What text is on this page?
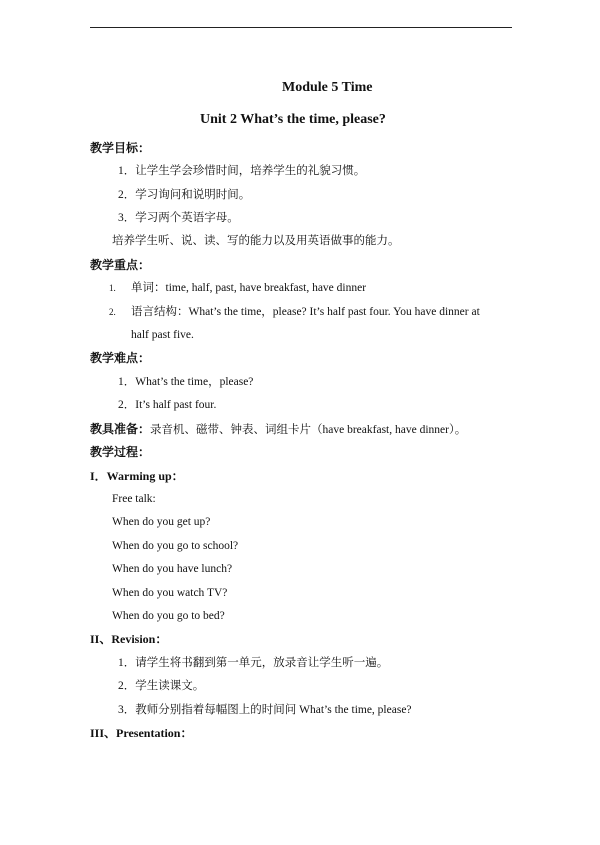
Module 5 Time
Unit 2 What’s the time, please?
教学目标：
1．让学生学会珍惜时间，培养学生的礼貌习惯。
2．学习询问和说明时间。
3．学习两个英语字母。
培养学生听、说、读、写的能力以及用英语做事的能力。
教学重点：
1. 单词：time, half, past, have breakfast, have dinner
2. 语言结构：What’s the time，please? It’s half past four. You have dinner at
half past five.
教学难点：
1．What’s the time，please?
2．It’s half past four.
教具准备：录音机、磁带、钟表、词组卡片（have breakfast, have dinner）。
教学过程：
I．Warming up：
Free talk:
When do you get up?
When do you go to school?
When do you have lunch?
When do you watch TV?
When do you go to bed?
II、Revision：
1．请学生将书翻到第一单元，放录音让学生听一遍。
2．学生读课文。
3．教师分别指着每幅图上的时间问 What’s the time, please?
III、Presentation：
